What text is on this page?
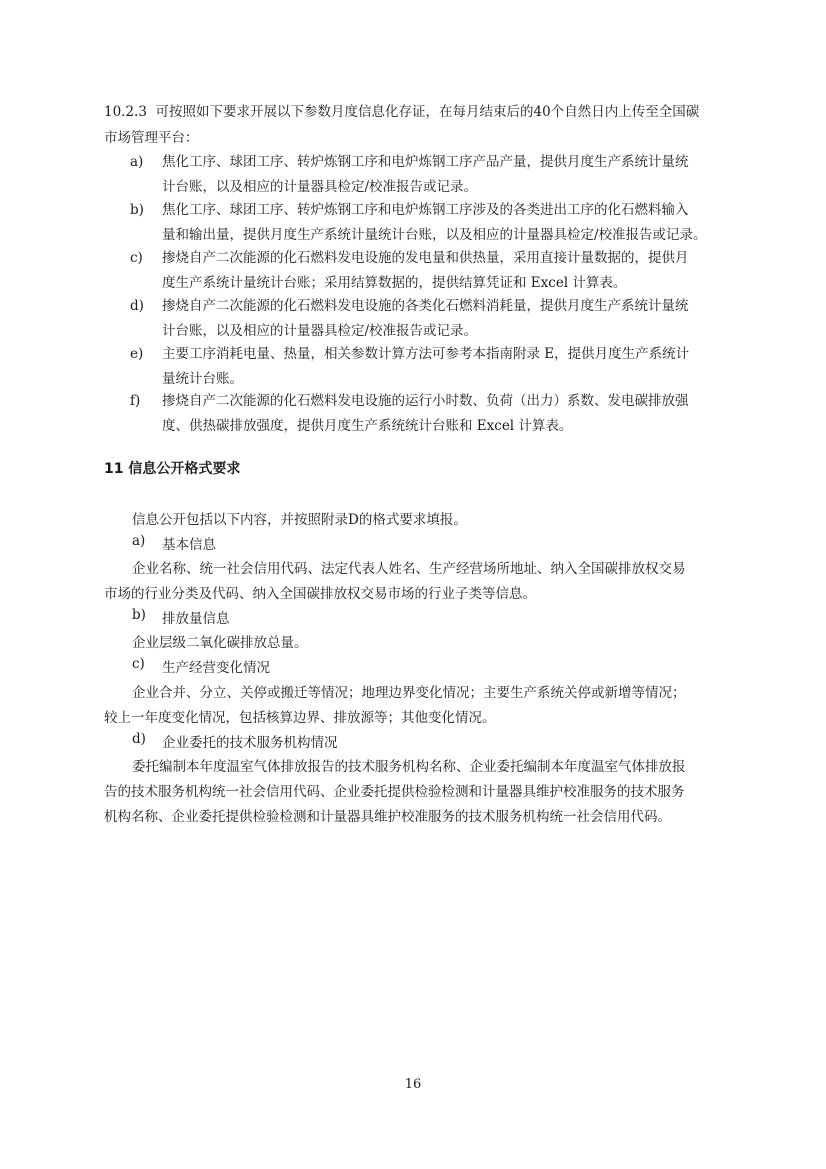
10.2.3 可按照如下要求开展以下参数月度信息化存证，在每月结束后的40个自然日内上传至全国碳
市场管理平台：
a) 焦化工序、球团工序、转炉炼钢工序和电炉炼钢工序产品产量，提供月度生产系统计量统
计台账，以及相应的计量器具检定/校准报告或记录。
b) 焦化工序、球团工序、转炉炼钢工序和电炉炼钢工序涉及的各类进出工序的化石燃料输入
量和输出量，提供月度生产系统计量统计台账，以及相应的计量器具检定/校准报告或记录。
c) 掺烧自产二次能源的化石燃料发电设施的发电量和供热量，采用直接计量数据的，提供月
度生产系统计量统计台账；采用结算数据的，提供结算凭证和 Excel 计算表。
d) 掺烧自产二次能源的化石燃料发电设施的各类化石燃料消耗量，提供月度生产系统计量统
计台账，以及相应的计量器具检定/校准报告或记录。
e) 主要工序消耗电量、热量，相关参数计算方法可参考本指南附录 E，提供月度生产系统计
量统计台账。
f) 掺烧自产二次能源的化石燃料发电设施的运行小时数、负荷（出力）系数、发电碳排放强
度、供热碳排放强度，提供月度生产系统统计台账和 Excel 计算表。
11 信息公开格式要求
信息公开包括以下内容，并按照附录D的格式要求填报。
a) 基本信息
企业名称、统一社会信用代码、法定代表人姓名、生产经营场所地址、纳入全国碳排放权交易
市场的行业分类及代码、纳入全国碳排放权交易市场的行业子类等信息。
b) 排放量信息
企业层级二氧化碳排放总量。
c) 生产经营变化情况
企业合并、分立、关停或搬迁等情况；地理边界变化情况；主要生产系统关停或新增等情况；
较上一年度变化情况，包括核算边界、排放源等；其他变化情况。
d) 企业委托的技术服务机构情况
委托编制本年度温室气体排放报告的技术服务机构名称、企业委托编制本年度温室气体排放报
告的技术服务机构统一社会信用代码、企业委托提供检验检测和计量器具维护校准服务的技术服务
机构名称、企业委托提供检验检测和计量器具维护校准服务的技术服务机构统一社会信用代码。
16
